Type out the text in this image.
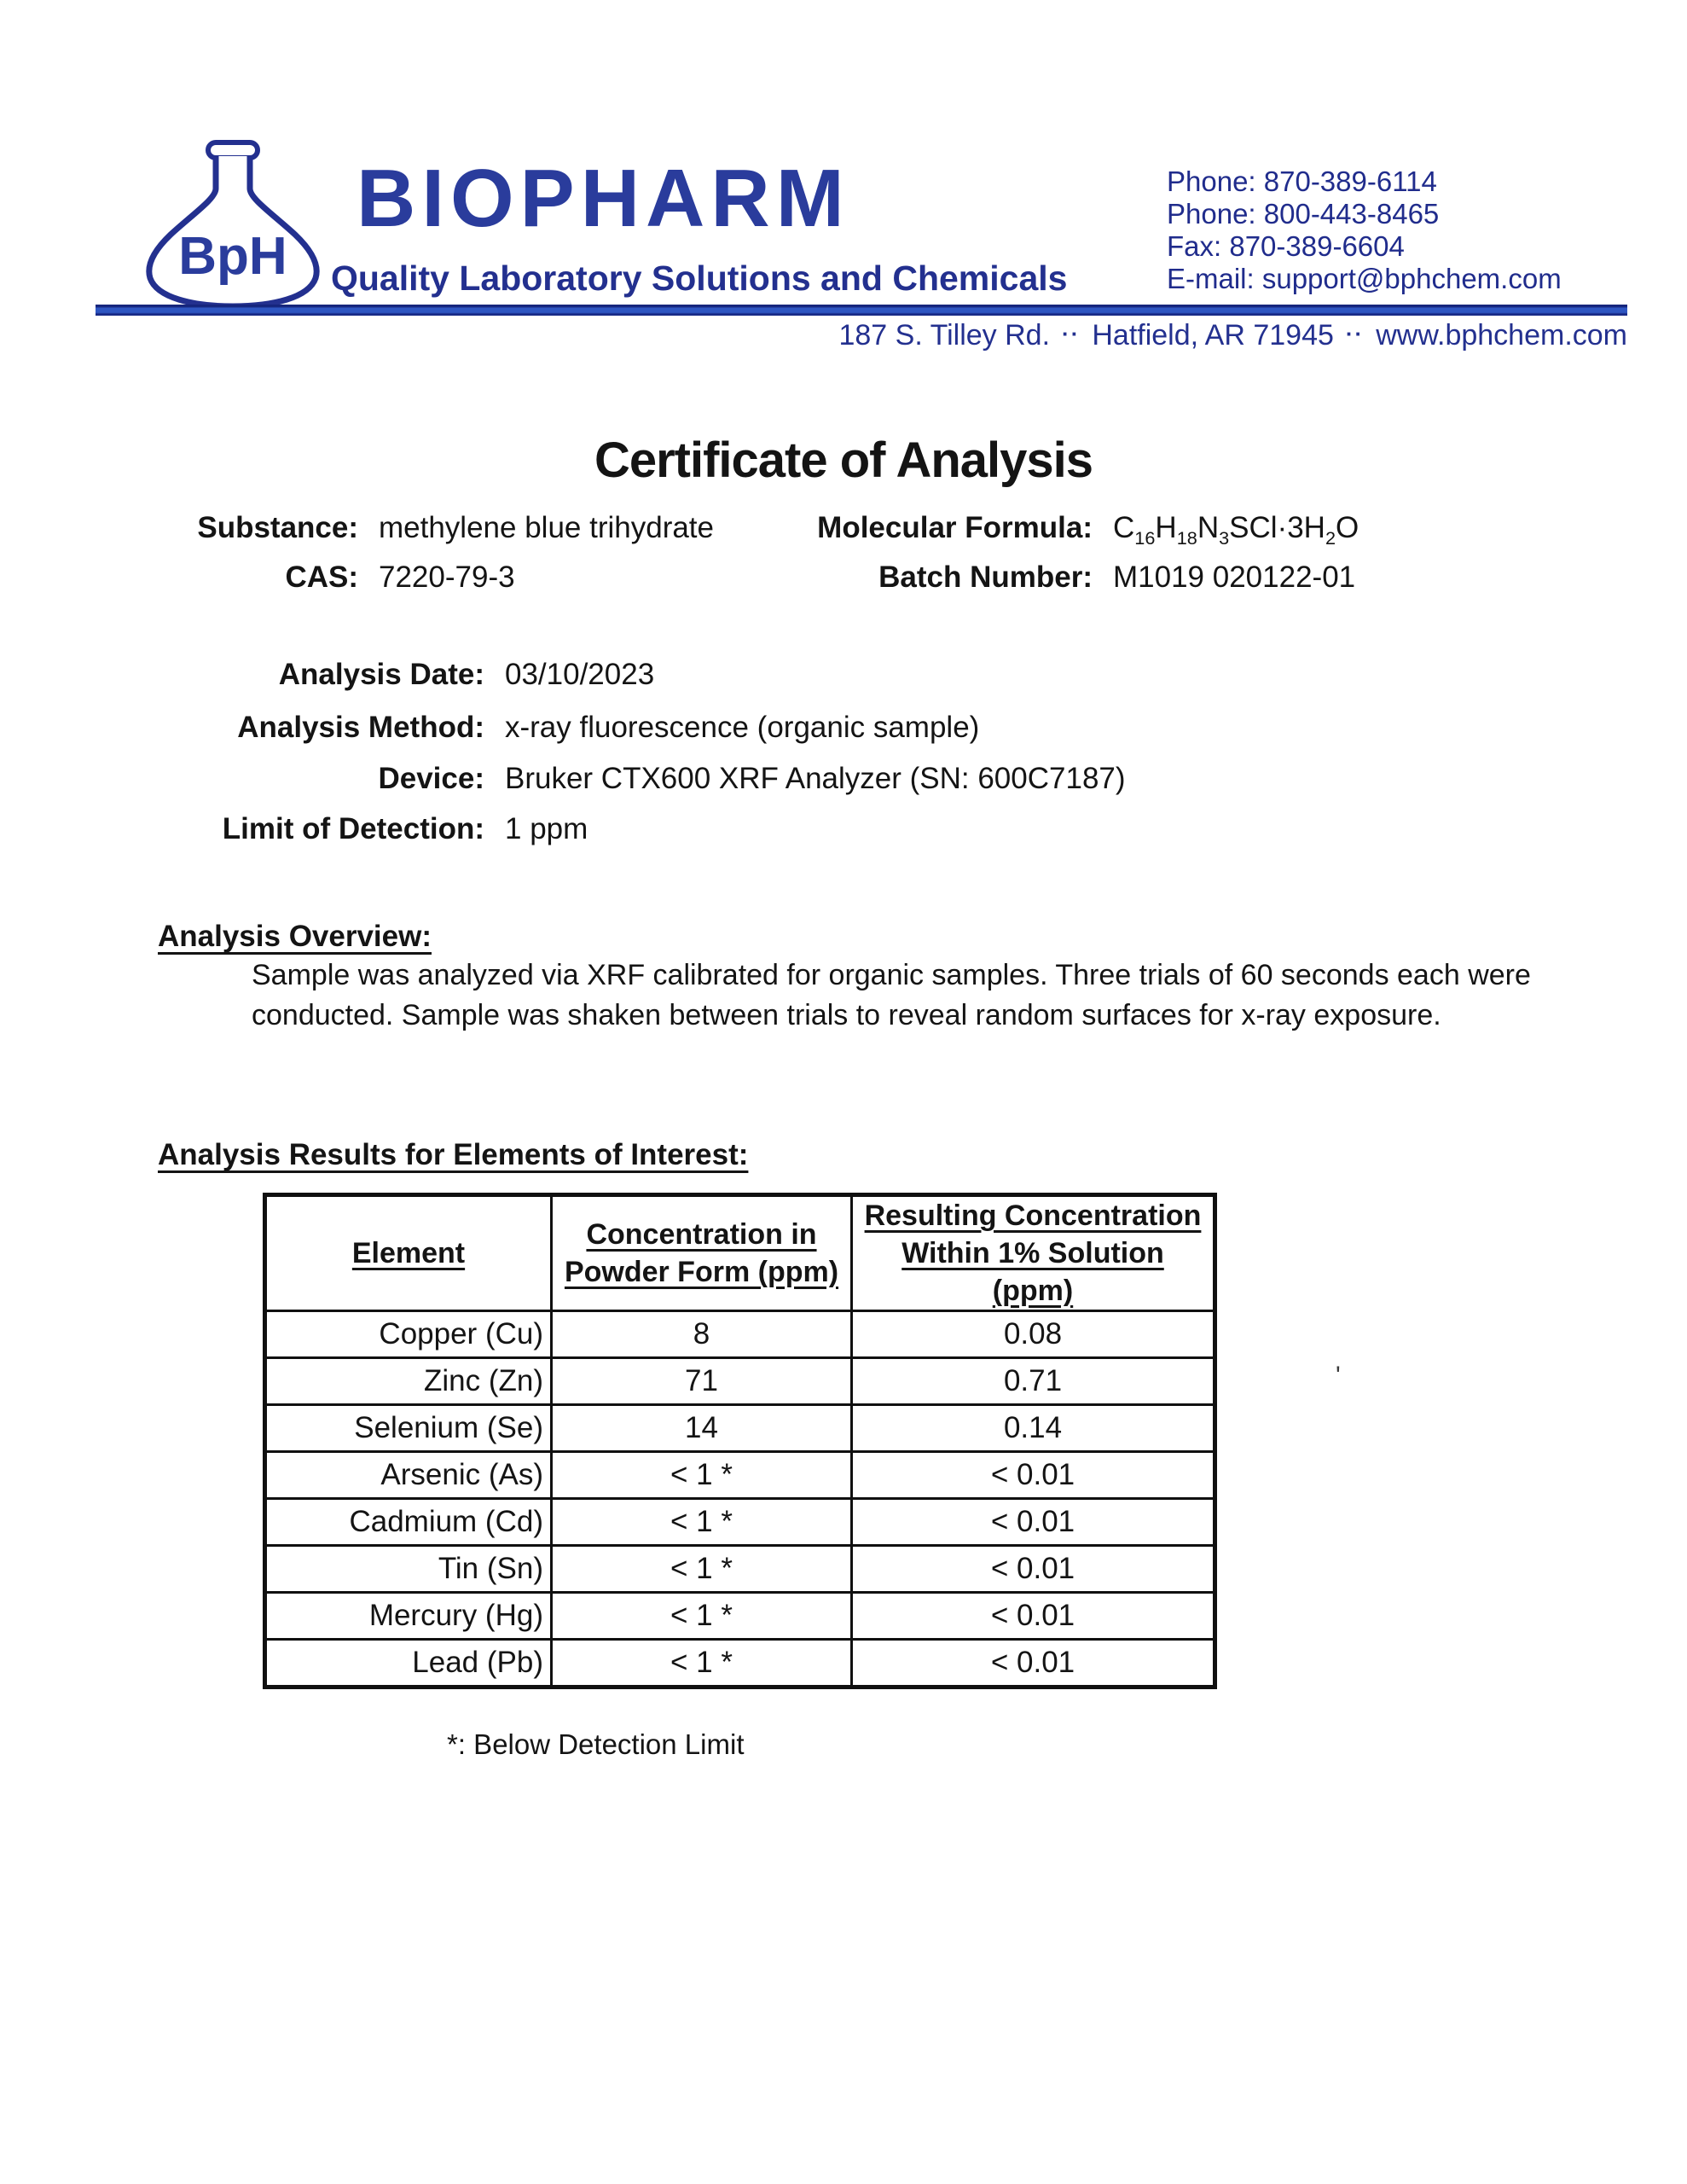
BpH
BIOPHARM
Quality Laboratory Solutions and Chemicals
Phone: 870-389-6114
Phone: 800-443-8465
Fax: 870-389-6604
E-mail: support@bphchem.com
187 S. Tilley Rd. ·· Hatfield, AR 71945 ·· www.bphchem.com
Certificate of Analysis
Substance: methylene blue trihydrate	Molecular Formula: $C_{16}H_{18}N_3SCl\cdot 3H_2O$
CAS: 7220-79-3	Batch Number: M1019 020122-01
Analysis Date: 03/10/2023
Analysis Method: x-ray fluorescence (organic sample)
Device: Bruker CTX600 XRF Analyzer (SN: 600C7187)
Limit of Detection: 1 ppm
Analysis Overview:
Sample was analyzed via XRF calibrated for organic samples. Three trials of 60 seconds each were conducted. Sample was shaken between trials to reveal random surfaces for x-ray exposure.
Analysis Results for Elements of Interest:
Element	Concentration in Powder Form (ppm)	Resulting Concentration Within 1% Solution (ppm)
Copper (Cu)	8	0.08
Zinc (Zn)	71	0.71
Selenium (Se)	14	0.14
Arsenic (As)	< 1 *	< 0.01
Cadmium (Cd)	< 1 *	< 0.01
Tin (Sn)	< 1 *	< 0.01
Mercury (Hg)	< 1 *	< 0.01
Lead (Pb)	< 1 *	< 0.01
*: Below Detection Limit
'
